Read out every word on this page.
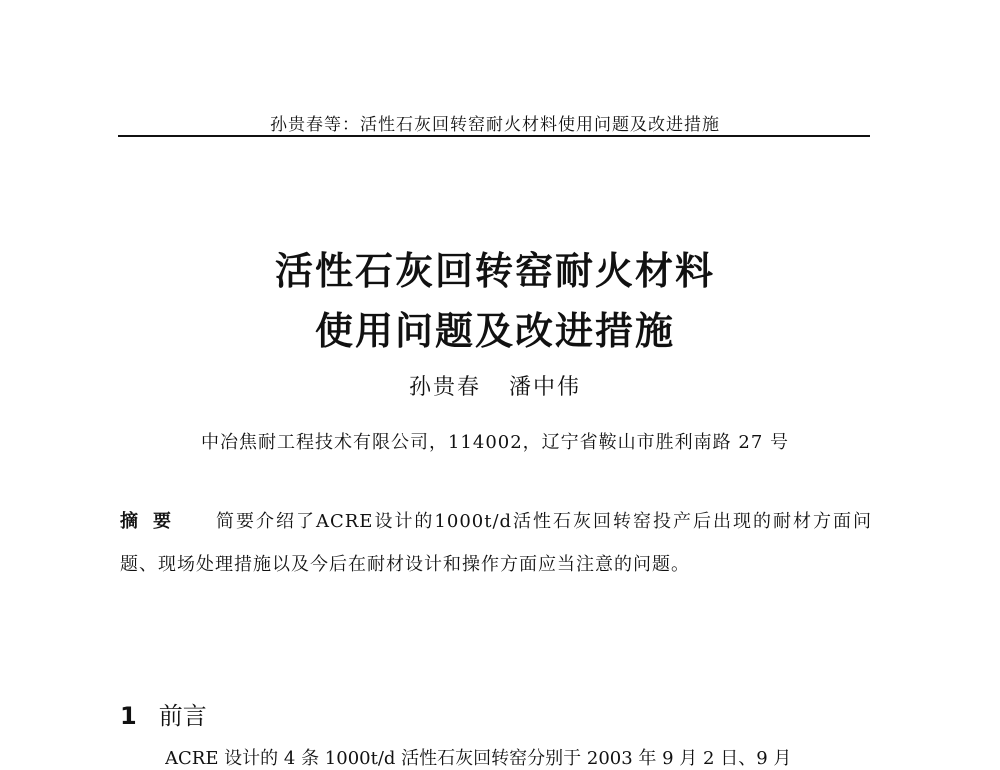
孙贵春等：活性石灰回转窑耐火材料使用问题及改进措施
活性石灰回转窑耐火材料
使用问题及改进措施
孙贵春 潘中伟
中冶焦耐工程技术有限公司，114002，辽宁省鞍山市胜利南路 27 号
摘要 简要介绍了ACRE设计的1000t/d活性石灰回转窑投产后出现的耐材方面问题、现场处理措施以及今后在耐材设计和操作方面应当注意的问题。
1 前言
ACRE 设计的 4 条 1000t/d 活性石灰回转窑分别于 2003 年 9 月 2 日、9 月
